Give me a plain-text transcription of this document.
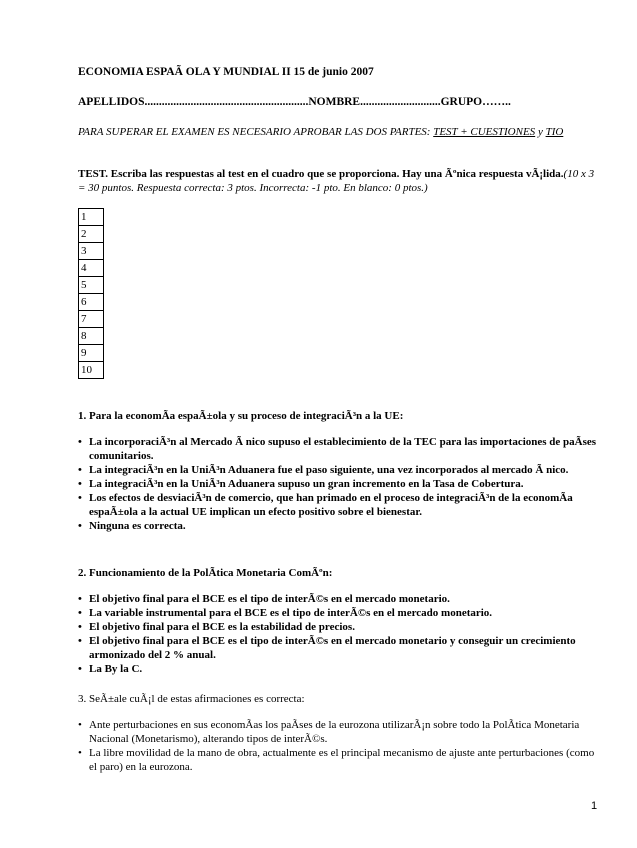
ECONOMIA ESPAÃ OLA Y MUNDIAL II 15 de junio 2007
APELLIDOS.........................................................NOMBRE............................GRUPO……..
PARA SUPERAR EL EXAMEN ES NECESARIO APROBAR LAS DOS PARTES: TEST + CUESTIONES y TIO
TEST. Escriba las respuestas al test en el cuadro que se proporciona. Hay una Ãºnica respuesta vÃ¡lida.(10 x 3 = 30 puntos. Respuesta correcta: 3 ptos. Incorrecta: -1 pto. En blanco: 0 ptos.)
1
2
3
4
5
6
7
8
9
10
1. Para la economÃa espaÃ±ola y su proceso de integraciÃ³n a la UE:
• La incorporaciÃ³n al Mercado Ã nico supuso el establecimiento de la TEC para las importaciones de paÃses comunitarios.
• La integraciÃ³n en la UniÃ³n Aduanera fue el paso siguiente, una vez incorporados al mercado Ã nico.
• La integraciÃ³n en la UniÃ³n Aduanera supuso un gran incremento en la Tasa de Cobertura.
• Los efectos de desviaciÃ³n de comercio, que han primado en el proceso de integraciÃ³n de la economÃa espaÃ±ola a la actual UE implican un efecto positivo sobre el bienestar.
• Ninguna es correcta.
2. Funcionamiento de la PolÃtica Monetaria ComÃºn:
• El objetivo final para el BCE es el tipo de interÃ©s en el mercado monetario.
• La variable instrumental para el BCE es el tipo de interÃ©s en el mercado monetario.
• El objetivo final para el BCE es la estabilidad de precios.
• El objetivo final para el BCE es el tipo de interÃ©s en el mercado monetario y conseguir un crecimiento armonizado del 2 % anual.
• La By la C.
3. SeÃ±ale cuÃ¡l de estas afirmaciones es correcta:
• Ante perturbaciones en sus economÃas los paÃses de la eurozona utilizarÃ¡n sobre todo la PolÃtica Monetaria Nacional (Monetarismo), alterando tipos de interÃ©s.
• La libre movilidad de la mano de obra, actualmente es el principal mecanismo de ajuste ante perturbaciones (como el paro) en la eurozona.
1
